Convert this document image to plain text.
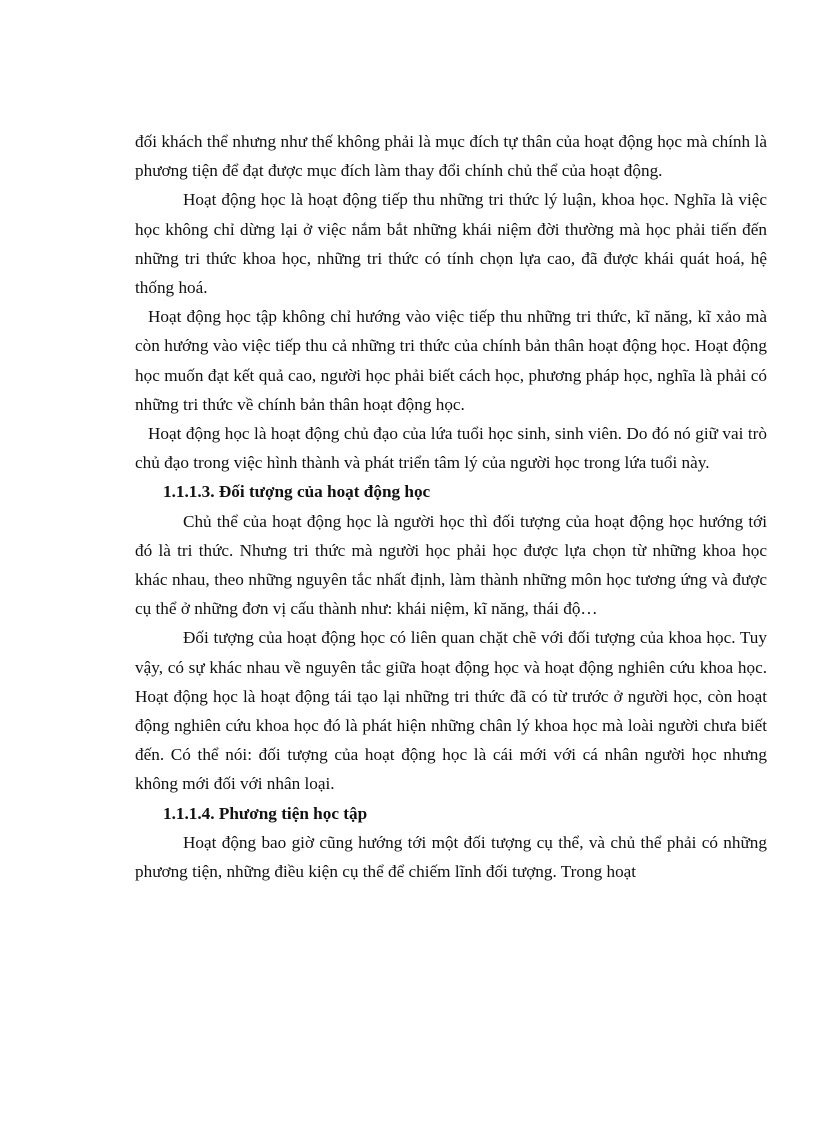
đối khách thể nhưng như thế không phải là mục đích tự thân của hoạt động học mà chính là phương tiện để đạt được mục đích làm thay đổi chính chủ thể của hoạt động.

Hoạt động học là hoạt động tiếp thu những tri thức lý luận, khoa học. Nghĩa là việc học không chỉ dừng lại ở việc nắm bắt những khái niệm đời thường mà học phải tiến đến những tri thức khoa học, những tri thức có tính chọn lựa cao, đã được khái quát hoá, hệ thống hoá.

Hoạt động học tập không chỉ hướng vào việc tiếp thu những tri thức, kĩ năng, kĩ xảo mà còn hướng vào việc tiếp thu cả những tri thức của chính bản thân hoạt động học. Hoạt động học muốn đạt kết quả cao, người học phải biết cách học, phương pháp học, nghĩa là phải có những tri thức về chính bản thân hoạt động học.

Hoạt động học là hoạt động chủ đạo của lứa tuổi học sinh, sinh viên. Do đó nó giữ vai trò chủ đạo trong việc hình thành và phát triển tâm lý của người học trong lứa tuổi này.

1.1.1.3. Đối tượng của hoạt động học

Chủ thể của hoạt động học là người học thì đối tượng của hoạt động học hướng tới đó là tri thức. Nhưng tri thức mà người học phải học được lựa chọn từ những khoa học khác nhau, theo những nguyên tắc nhất định, làm thành những môn học tương ứng và được cụ thể ở những đơn vị cấu thành như: khái niệm, kĩ năng, thái độ…

Đối tượng của hoạt động học có liên quan chặt chẽ với đối tượng của khoa học. Tuy vậy, có sự khác nhau về nguyên tắc giữa hoạt động học và hoạt động nghiên cứu khoa học. Hoạt động học là hoạt động tái tạo lại những tri thức đã có từ trước ở người học, còn hoạt động nghiên cứu khoa học đó là phát hiện những chân lý khoa học mà loài người chưa biết đến. Có thể nói: đối tượng của hoạt động học là cái mới với cá nhân người học nhưng không mới đối với nhân loại.

1.1.1.4. Phương tiện học tập

Hoạt động bao giờ cũng hướng tới một đối tượng cụ thể, và chủ thể phải có những phương tiện, những điều kiện cụ thể để chiếm lĩnh đối tượng. Trong hoạt
